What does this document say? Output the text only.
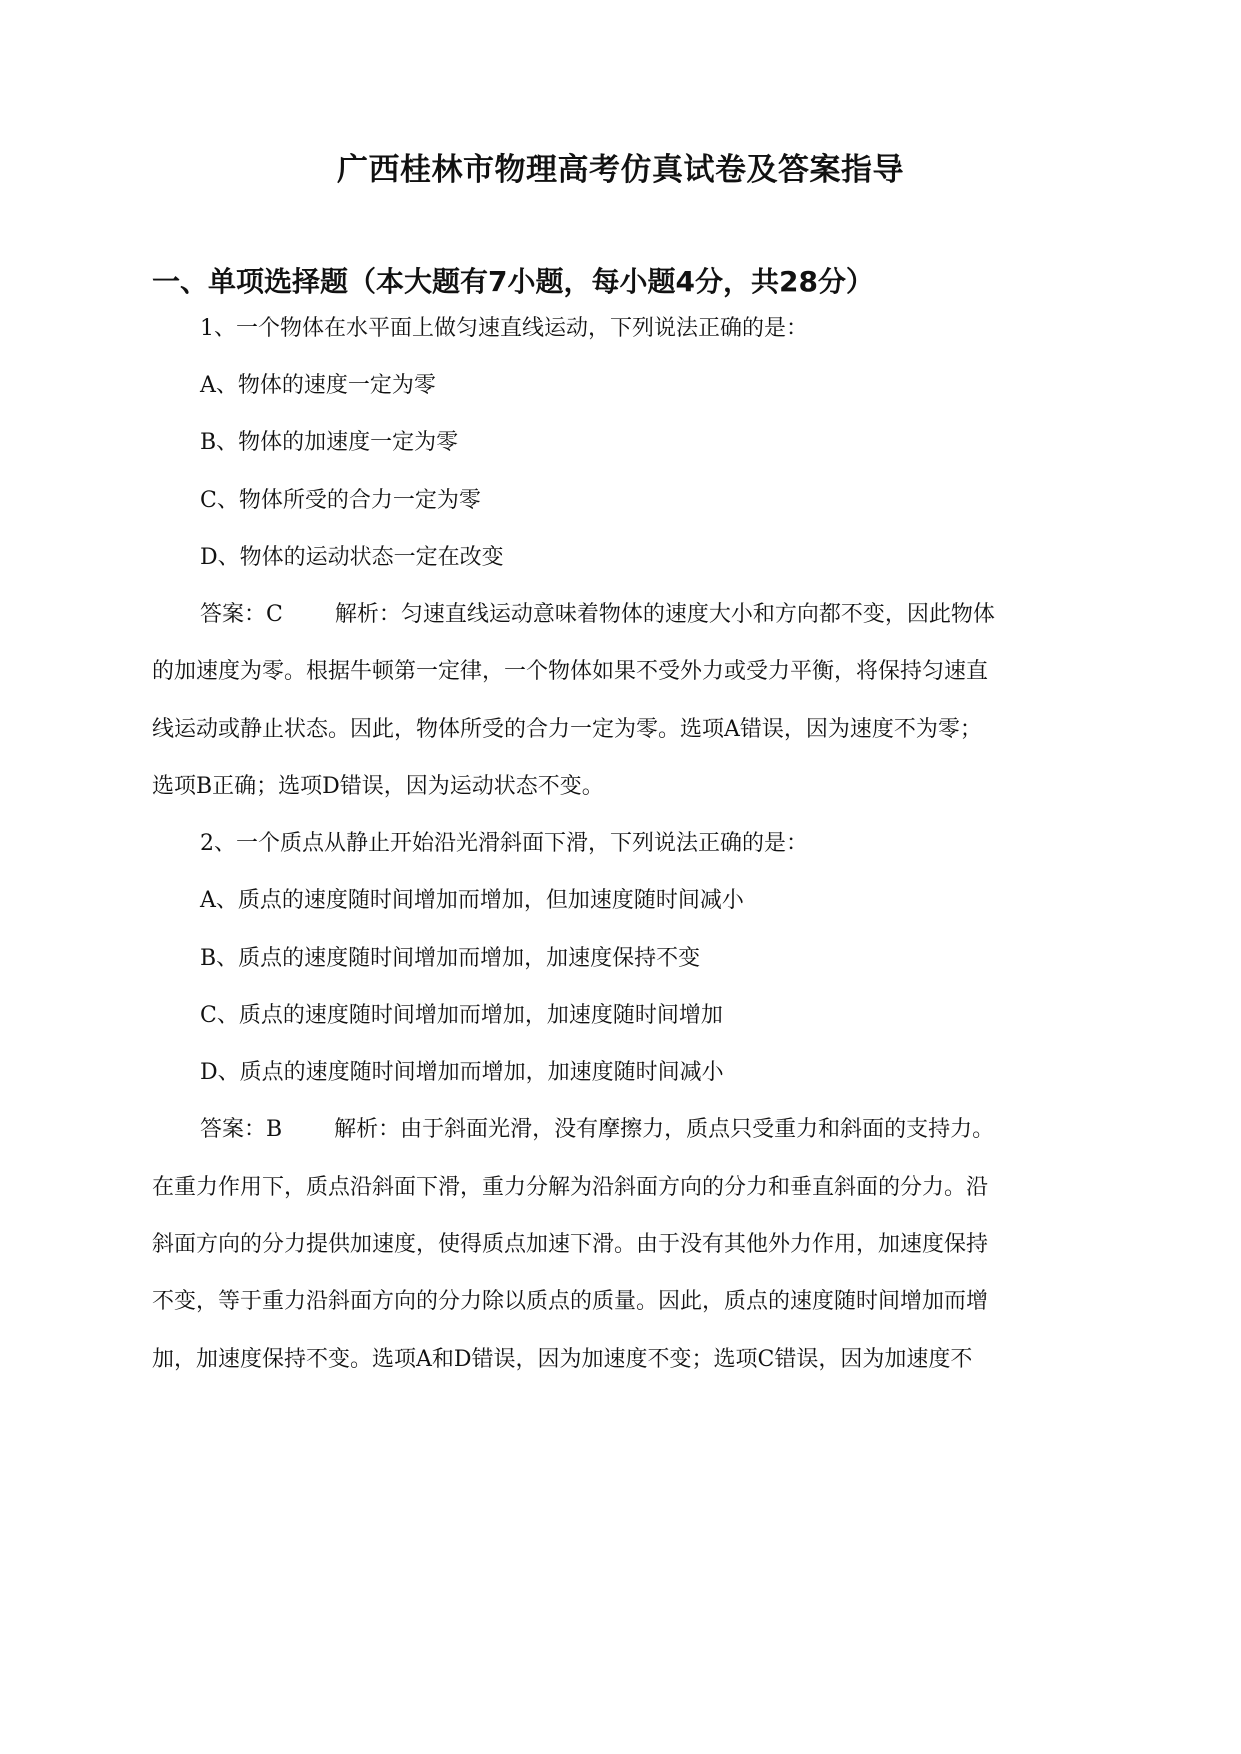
广西桂林市物理高考仿真试卷及答案指导
一、单项选择题（本大题有7小题，每小题4分，共28分）
1、一个物体在水平面上做匀速直线运动，下列说法正确的是：
A、物体的速度一定为零
B、物体的加速度一定为零
C、物体所受的合力一定为零
D、物体的运动状态一定在改变
答案：C 解析：匀速直线运动意味着物体的速度大小和方向都不变，因此物体
的加速度为零。根据牛顿第一定律，一个物体如果不受外力或受力平衡，将保持匀速直
线运动或静止状态。因此，物体所受的合力一定为零。选项A错误，因为速度不为零；
选项B正确；选项D错误，因为运动状态不变。
2、一个质点从静止开始沿光滑斜面下滑，下列说法正确的是：
A、质点的速度随时间增加而增加，但加速度随时间减小
B、质点的速度随时间增加而增加，加速度保持不变
C、质点的速度随时间增加而增加，加速度随时间增加
D、质点的速度随时间增加而增加，加速度随时间减小
答案：B 解析：由于斜面光滑，没有摩擦力，质点只受重力和斜面的支持力。
在重力作用下，质点沿斜面下滑，重力分解为沿斜面方向的分力和垂直斜面的分力。沿
斜面方向的分力提供加速度，使得质点加速下滑。由于没有其他外力作用，加速度保持
不变，等于重力沿斜面方向的分力除以质点的质量。因此，质点的速度随时间增加而增
加，加速度保持不变。选项A和D错误，因为加速度不变；选项C错误，因为加速度不
